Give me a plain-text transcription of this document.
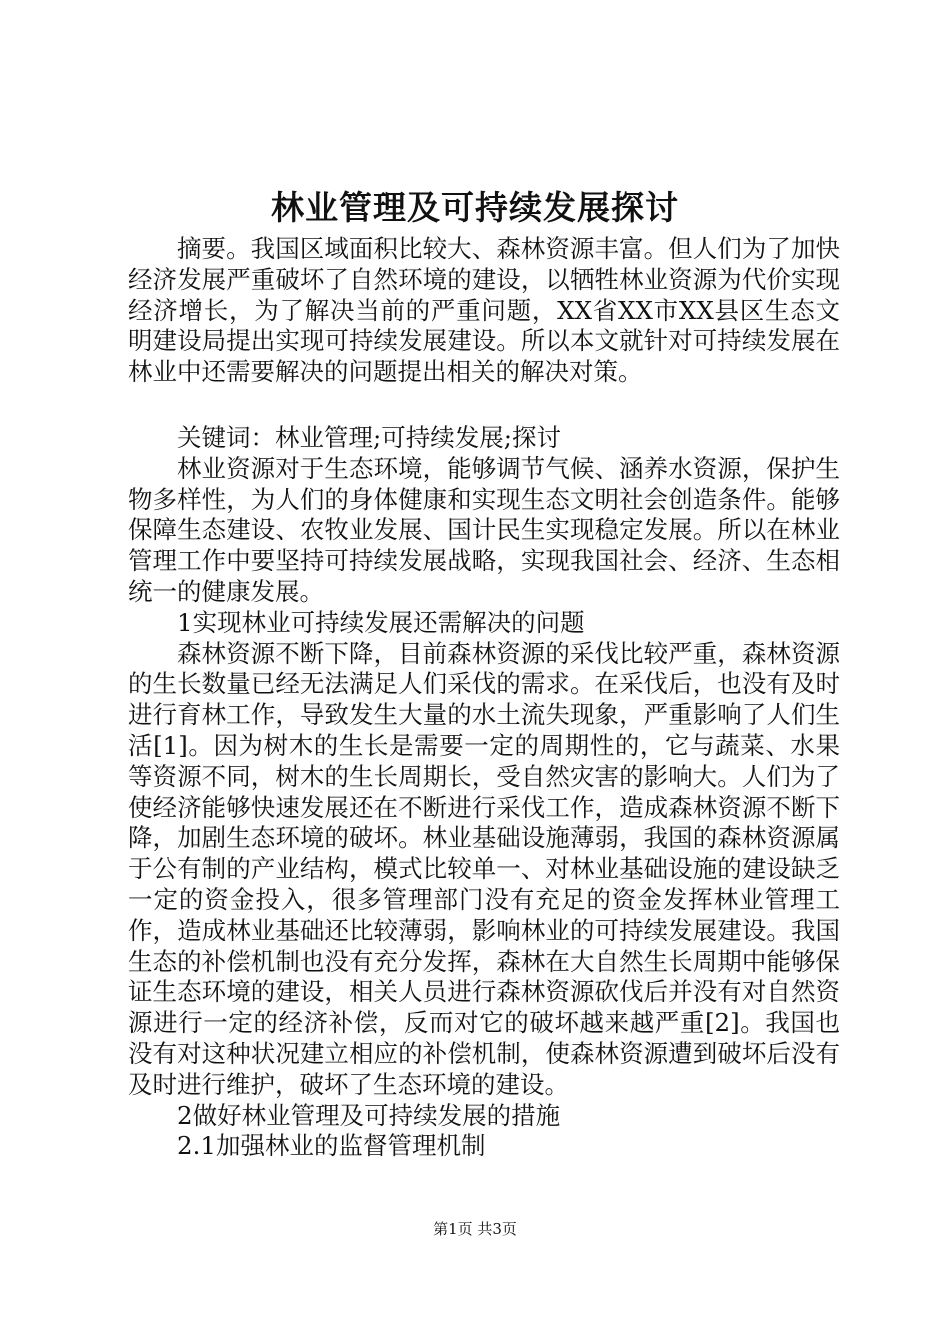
林业管理及可持续发展探讨

摘要。我国区域面积比较大、森林资源丰富。但人们为了加快经济发展严重破坏了自然环境的建设，以牺牲林业资源为代价实现经济增长，为了解决当前的严重问题，XX省XX市XX县区生态文明建设局提出实现可持续发展建设。所以本文就针对可持续发展在林业中还需要解决的问题提出相关的解决对策。

关键词：林业管理;可持续发展;探讨

林业资源对于生态环境，能够调节气候、涵养水资源，保护生物多样性，为人们的身体健康和实现生态文明社会创造条件。能够保障生态建设、农牧业发展、国计民生实现稳定发展。所以在林业管理工作中要坚持可持续发展战略，实现我国社会、经济、生态相统一的健康发展。

1实现林业可持续发展还需解决的问题

森林资源不断下降，目前森林资源的采伐比较严重，森林资源的生长数量已经无法满足人们采伐的需求。在采伐后，也没有及时进行育林工作，导致发生大量的水土流失现象，严重影响了人们生活[1]。因为树木的生长是需要一定的周期性的，它与蔬菜、水果等资源不同，树木的生长周期长，受自然灾害的影响大。人们为了使经济能够快速发展还在不断进行采伐工作，造成森林资源不断下降，加剧生态环境的破坏。林业基础设施薄弱，我国的森林资源属于公有制的产业结构，模式比较单一、对林业基础设施的建设缺乏一定的资金投入，很多管理部门没有充足的资金发挥林业管理工作，造成林业基础还比较薄弱，影响林业的可持续发展建设。我国生态的补偿机制也没有充分发挥，森林在大自然生长周期中能够保证生态环境的建设，相关人员进行森林资源砍伐后并没有对自然资源进行一定的经济补偿，反而对它的破坏越来越严重[2]。我国也没有对这种状况建立相应的补偿机制，使森林资源遭到破坏后没有及时进行维护，破坏了生态环境的建设。

2做好林业管理及可持续发展的措施

2.1加强林业的监督管理机制

第1页 共3页
